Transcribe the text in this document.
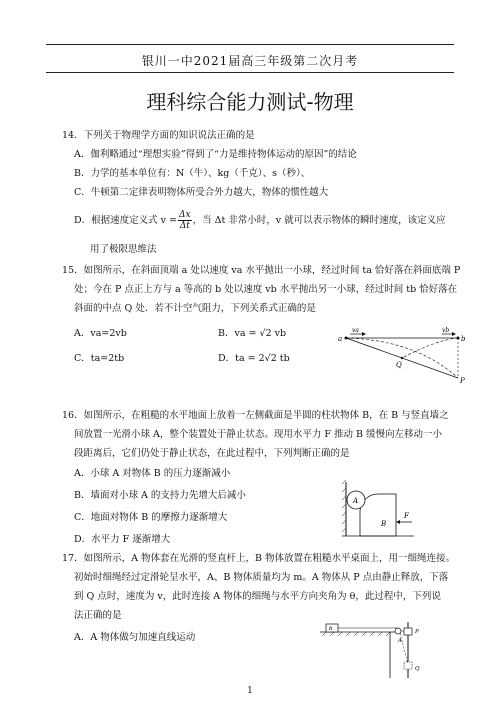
银川一中2021届高三年级第二次月考
理科综合能力测试-物理
14．下列关于物理学方面的知识说法正确的是
A．伽利略通过“理想实验”得到了“力是维持物体运动的原因”的结论
B．力学的基本单位有：N（牛）、kg（千克）、s（秒）、
C．牛顿第二定律表明物体所受合外力越大，物体的惯性越大
D．根据速度定义式 $v = \frac{\Delta x}{\Delta t}$ ，当 Δt 非常小时，v 就可以表示物体的瞬时速度，该定义应
用了极限思维法
15．如图所示，在斜面顶端 a 处以速度 va 水平抛出一小球，经过时间 ta 恰好落在斜面底端 P
处；今在 P 点正上方与 a 等高的 b 处以速度 vb 水平抛出另一小球，经过时间 tb 恰好落在
斜面的中点 Q 处．若不计空气阻力，下列关系式正确的是
A．va=2vb	B．va = √2 vb
C．ta=2tb	D．ta = 2√2 tb
a
va	vb
b
Q
P
16．如图所示，在粗糙的水平地面上放着一左侧截面是半圆的柱状物体 B，在 B 与竖直墙之
间放置一光滑小球 A，整个装置处于静止状态。现用水平力 F 推动 B 缓慢向左移动一小
段距离后，它们仍处于静止状态，在此过程中，下列判断正确的是
A．小球 A 对物体 B 的压力逐渐减小
B．墙面对小球 A 的支持力先增大后减小
C．地面对物体 B 的摩擦力逐渐增大
D．水平力 F 逐渐增大
A
B
F
17．如图所示，A 物体套在光滑的竖直杆上，B 物体放置在粗糙水平桌面上，用一细绳连接。
初始时细绳经过定滑轮呈水平，A、B 物体质量均为 m。A 物体从 P 点由静止释放，下落
到 Q 点时，速度为 v，此时连接 A 物体的细绳与水平方向夹角为 θ，此过程中，下列说
法正确的是
A．A 物体做匀加速直线运动
b
A
P
Q
1
